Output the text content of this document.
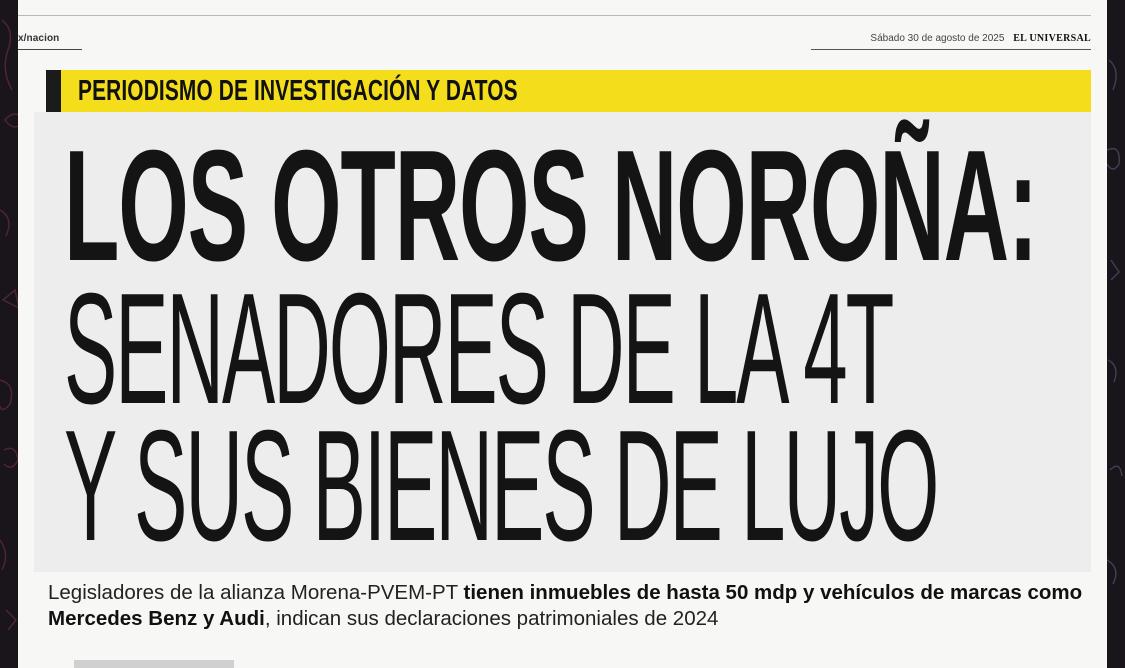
x/nacion	Sábado 30 de agosto de 2025 EL UNIVERSAL
PERIODISMO DE INVESTIGACIÓN Y DATOS
LOS OTROS NOROÑA:
SENADORES DE LA 4T
Y SUS BIENES DE LUJO
Legisladores de la alianza Morena-PVEM-PT tienen inmuebles de hasta 50 mdp y vehículos de marcas como Mercedes Benz y Audi, indican sus declaraciones patrimoniales de 2024
